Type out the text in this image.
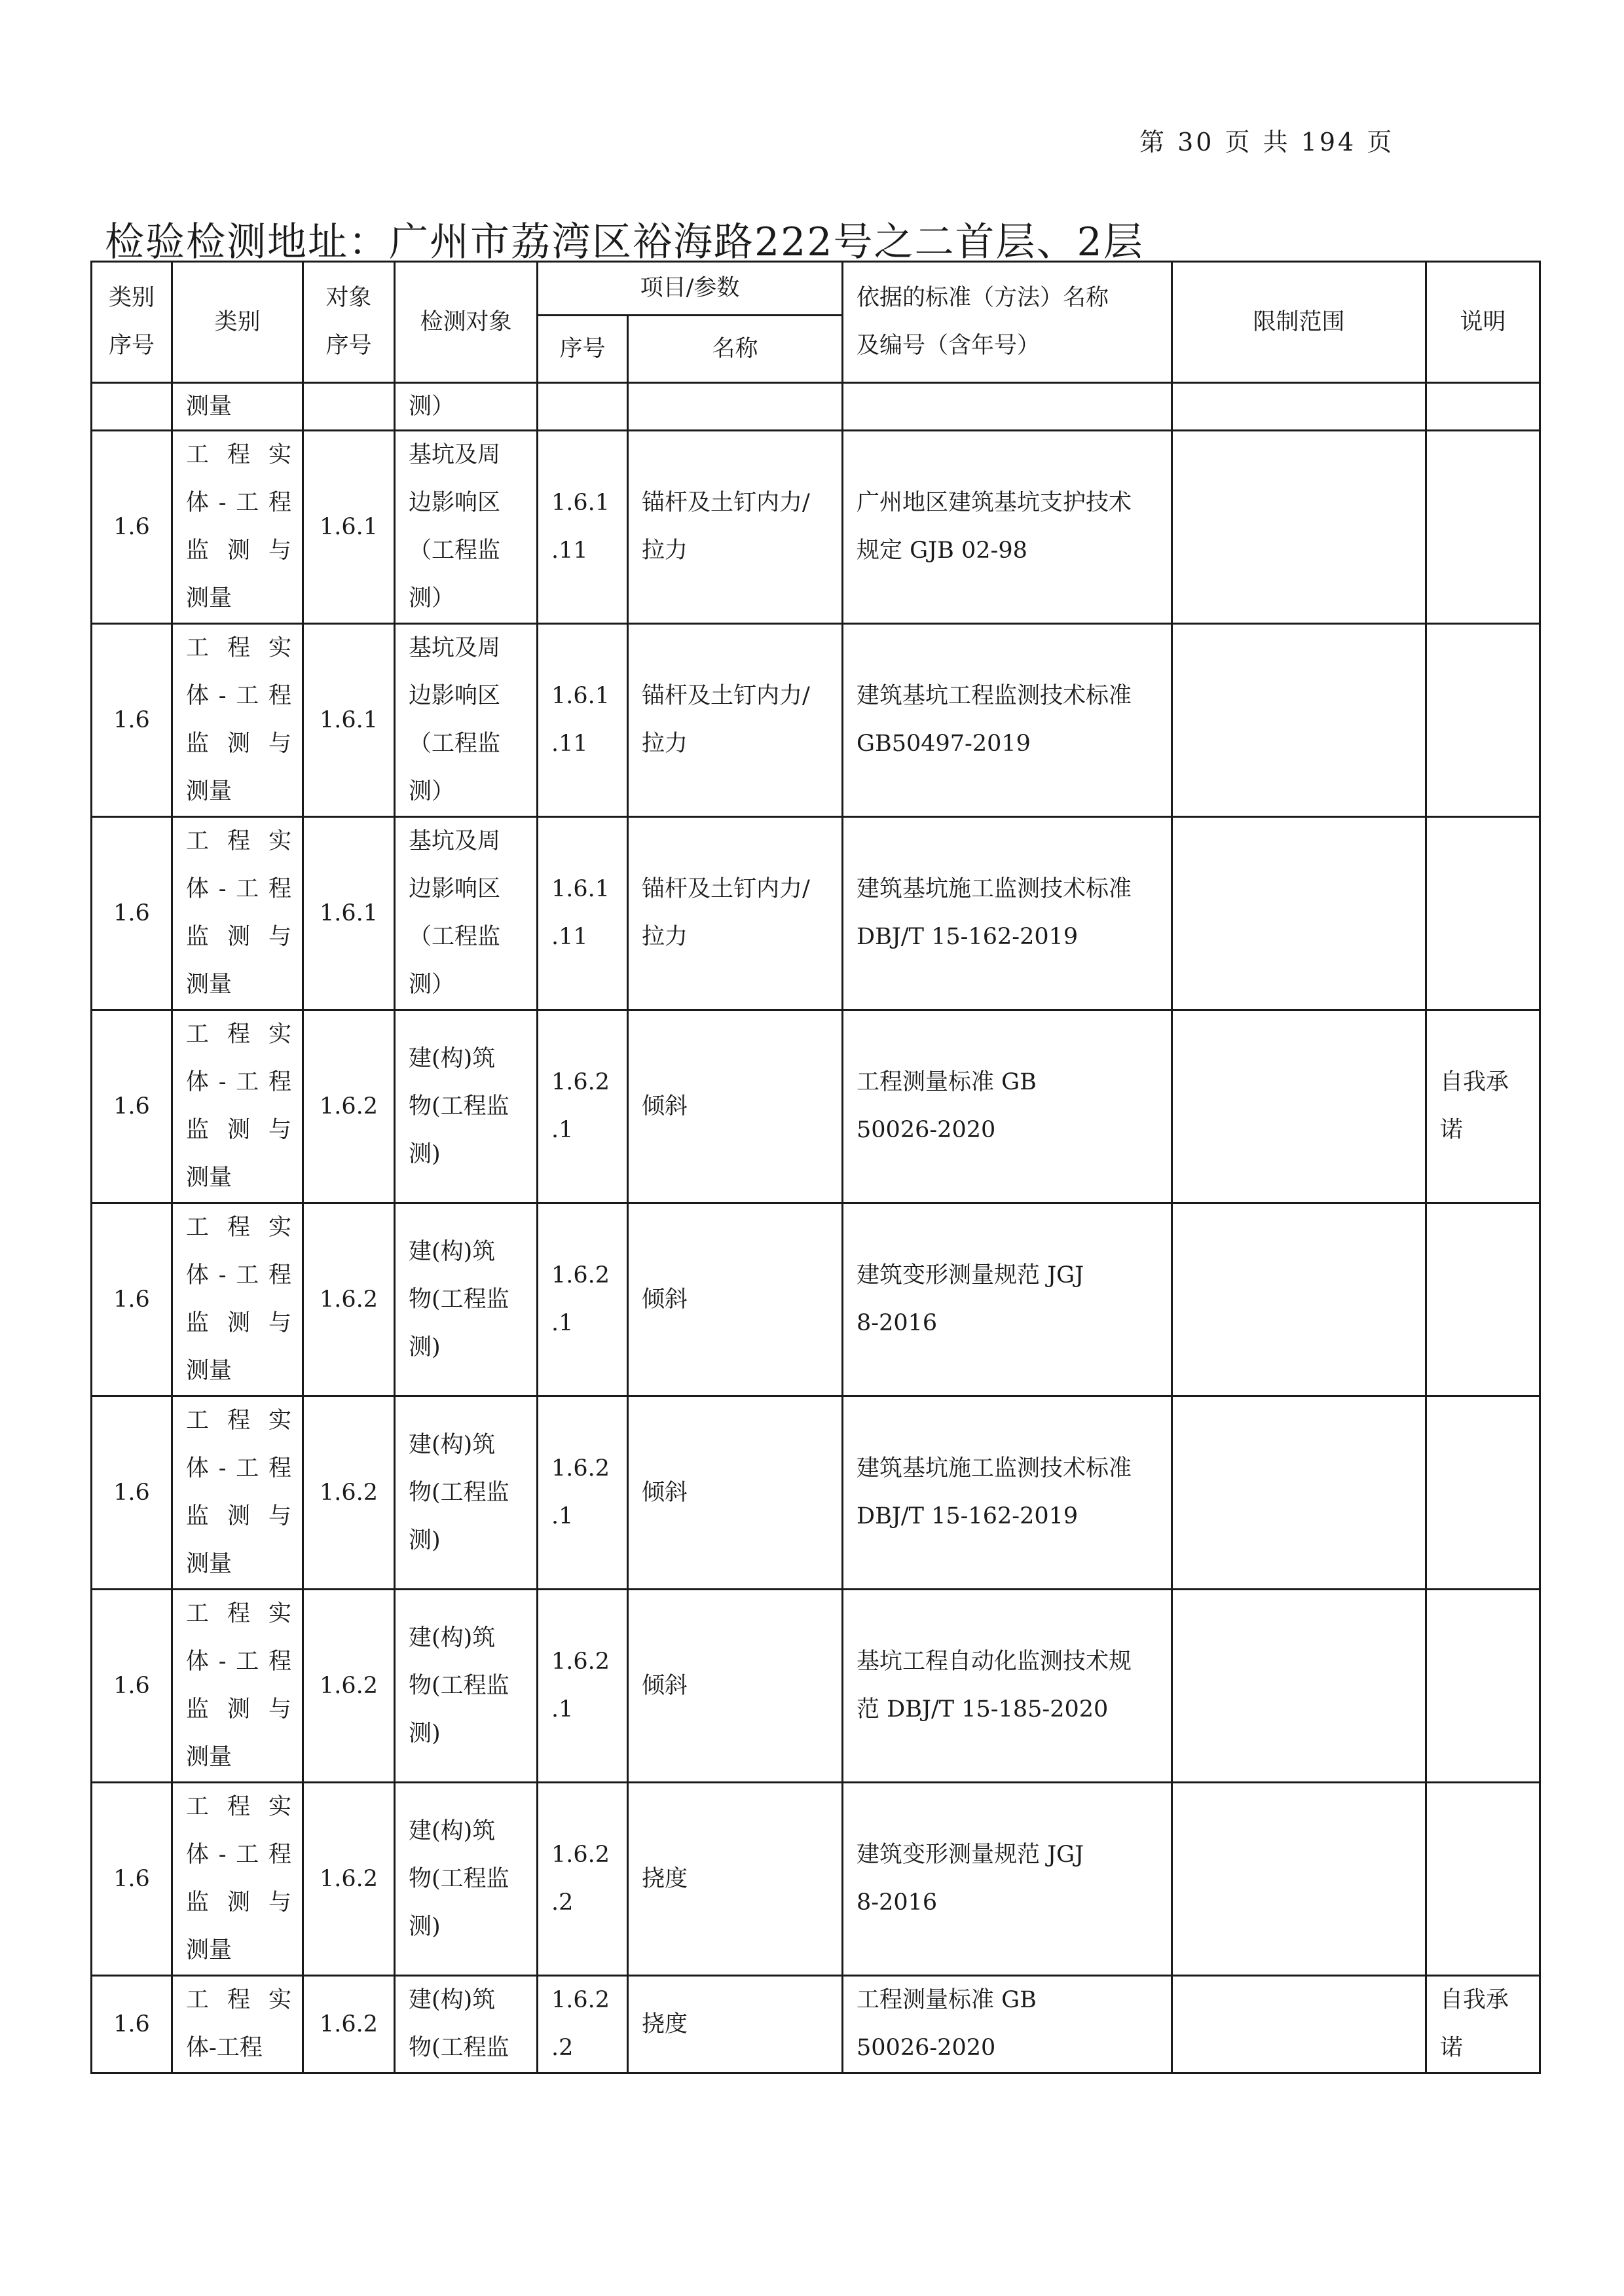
第 30 页 共 194 页
检验检测地址：广州市荔湾区裕海路222号之二首层、2层
类别序号	类别	对象序号	检测对象	项目/参数		依据的标准（方法）名称及编号（含年号）	限制范围	说明
				序号	名称			
	测量		测）					
1.6	工程实
体-工程
监测与
测量	1.6.1	基坑及周
边影响区
（工程监
测）	1.6.1
.11	锚杆及土钉内力/
拉力	广州地区建筑基坑支护技术
规定 GJB 02-98		

1.6	工程实
体-工程
监测与
测量	1.6.1	基坑及周
边影响区
（工程监
测）	1.6.1
.11	锚杆及土钉内力/
拉力	建筑基坑工程监测技术标准
GB50497-2019		

1.6	工程实
体-工程
监测与
测量	1.6.1	基坑及周
边影响区
（工程监
测）	1.6.1
.11	锚杆及土钉内力/
拉力	建筑基坑施工监测技术标准
DBJ/T 15-162-2019		

1.6	工程实
体-工程
监测与
测量	1.6.2	建(构)筑
物(工程监
测)	1.6.2
.1	倾斜	工程测量标准 GB
50026-2020		自我承
诺

1.6	工程实
体-工程
监测与
测量	1.6.2	建(构)筑
物(工程监
测)	1.6.2
.1	倾斜	建筑变形测量规范 JGJ
8-2016		

1.6	工程实
体-工程
监测与
测量	1.6.2	建(构)筑
物(工程监
测)	1.6.2
.1	倾斜	建筑基坑施工监测技术标准
DBJ/T 15-162-2019		

1.6	工程实
体-工程
监测与
测量	1.6.2	建(构)筑
物(工程监
测)	1.6.2
.1	倾斜	基坑工程自动化监测技术规
范 DBJ/T 15-185-2020		

1.6	工程实
体-工程
监测与
测量	1.6.2	建(构)筑
物(工程监
测)	1.6.2
.2	挠度	建筑变形测量规范 JGJ
8-2016		

1.6	工程实
体-工程	1.6.2	建(构)筑
物(工程监	1.6.2
.2	挠度	工程测量标准 GB
50026-2020		自我承
诺
